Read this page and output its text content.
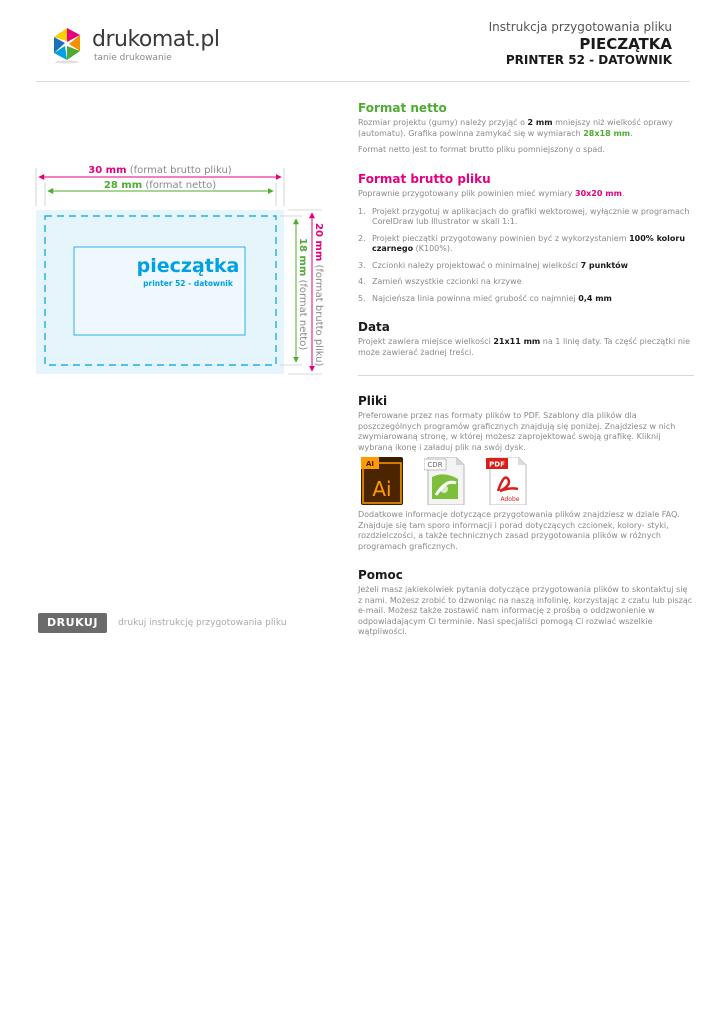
drukomat.pl
tanie drukowanie
Instrukcja przygotowania pliku
PIECZĄTKA
PRINTER 52 - DATOWNIK
30 mm (format brutto pliku)
28 mm (format netto)
20 mm (format brutto pliku)
18 mm (format netto)
pieczątka
printer 52 - datownik
Format netto

Rozmiar projektu (gumy) należy przyjąć o 2 mm mniejszy niż wielkość oprawy (automatu). Grafika powinna zamykać się w wymiarach 28x18 mm.

Format netto jest to format brutto pliku pomniejszony o spad.

Format brutto pliku

Poprawnie przygotowany plik powinien mieć wymiary 30x20 mm.

1. Projekt przygotuj w aplikacjach do grafiki wektorowej, wyłącznie w programach CorelDraw lub Illustrator w skali 1:1.
2. Projekt pieczątki przygotowany powinien być z wykorzystaniem 100% koloru czarnego (K100%).
3. Czcionki należy projektować o minimalnej wielkości 7 punktów
4. Zamień wszystkie czcionki na krzywe
5. Najcieńsza linia powinna mieć grubość co najmniej 0,4 mm
Data

Projekt zawiera miejsce wielkości 21x11 mm na 1 linię daty. Ta część pieczątki nie może zawierać żadnej treści.

Pliki

Preferowane przez nas formaty plików to PDF. Szablony dla plików dla poszczególnych programów graficznych znajdują się poniżej. Znajdziesz w nich zwymiarowaną stronę, w której możesz zaprojektować swoją grafikę. Kliknij wybraną ikonę i załaduj plik na swój dysk.

AI
Ai
CDR	PDF
Adobe

Dodatkowe informacje dotyczące przygotowania plików znajdziesz w dziale FAQ. Znajduje się tam sporo informacji i porad dotyczących czcionek, kolory- styki, rozdzielczości, a także technicznych zasad przygotowania plików w różnych programach graficznych.

Pomoc

Jeżeli masz jakiekolwiek pytania dotyczące przygotowania plików to skontaktuj się z nami. Możesz zrobić to dzwoniąc na naszą infolinię, korzystając z czatu lub pisząc e-mail. Możesz także zostawić nam informację z prośbą o oddzwonienie w odpowiadającym Ci terminie. Nasi specjaliści pomogą Ci rozwiać wszelkie wątpliwości.

DRUKUJ	drukuj instrukcję przygotowania pliku
